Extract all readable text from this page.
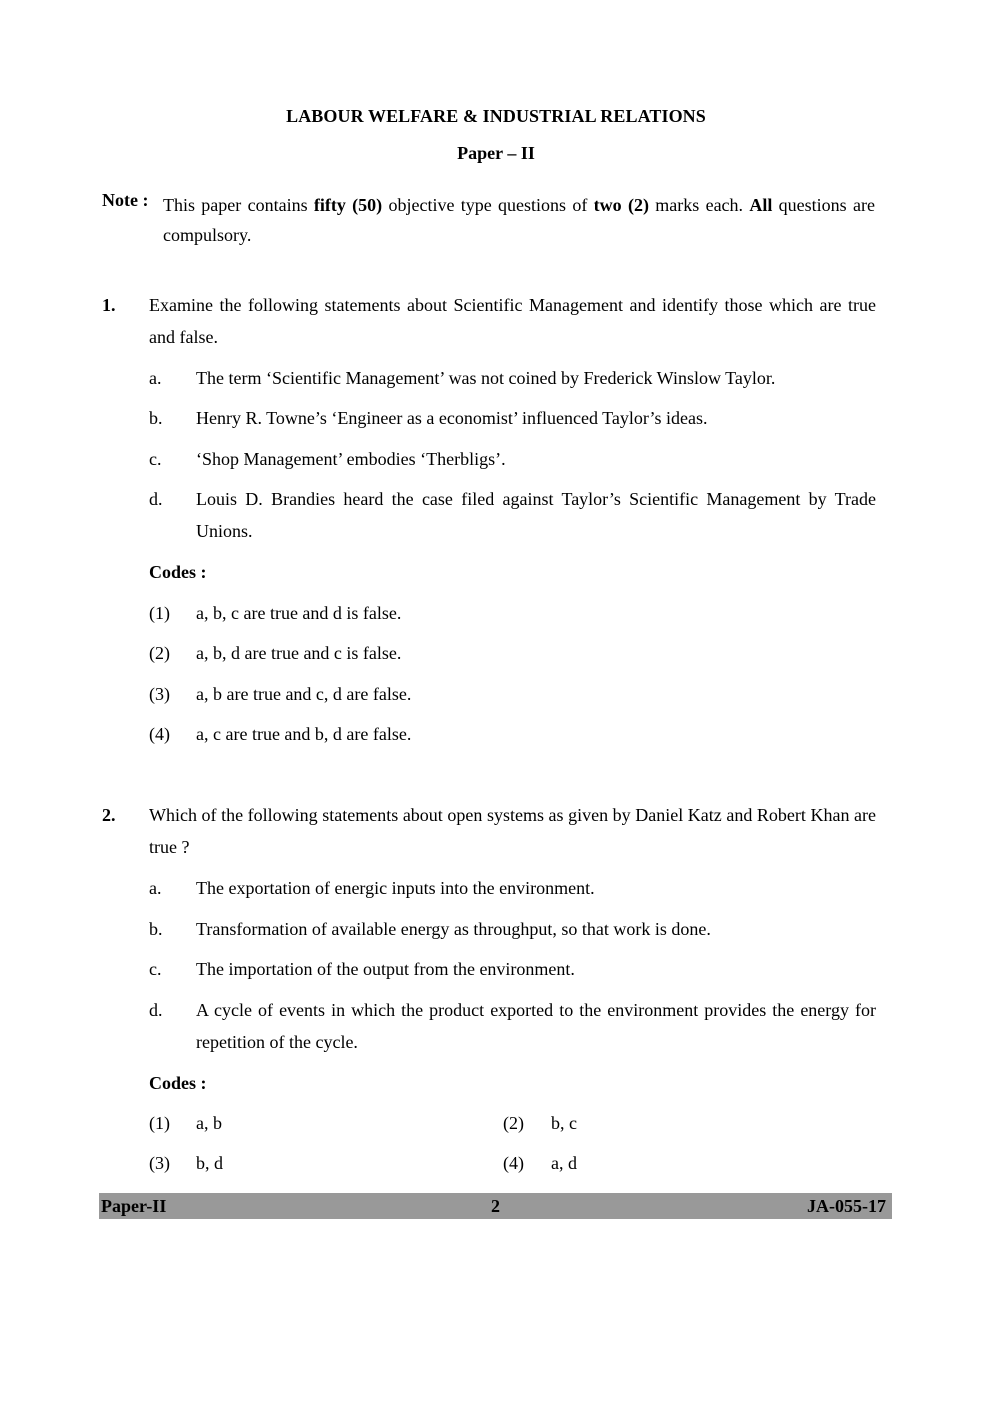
LABOUR WELFARE & INDUSTRIAL RELATIONS
Paper – II
Note : This paper contains fifty (50) objective type questions of two (2) marks each. All questions are compulsory.
1. Examine the following statements about Scientific Management and identify those which are true and false.
a. The term ‘Scientific Management’ was not coined by Frederick Winslow Taylor.
b. Henry R. Towne’s ‘Engineer as a economist’ influenced Taylor’s ideas.
c. ‘Shop Management’ embodies ‘Therbligs’.
d. Louis D. Brandies heard the case filed against Taylor’s Scientific Management by Trade Unions.
Codes :
(1) a, b, c are true and d is false.
(2) a, b, d are true and c is false.
(3) a, b are true and c, d are false.
(4) a, c are true and b, d are false.
2. Which of the following statements about open systems as given by Daniel Katz and Robert Khan are true ?
a. The exportation of energic inputs into the environment.
b. Transformation of available energy as throughput, so that work is done.
c. The importation of the output from the environment.
d. A cycle of events in which the product exported to the environment provides the energy for repetition of the cycle.
Codes :
(1) a, b	(2) b, c
(3) b, d	(4) a, d
Paper-II	2	JA-055-17
